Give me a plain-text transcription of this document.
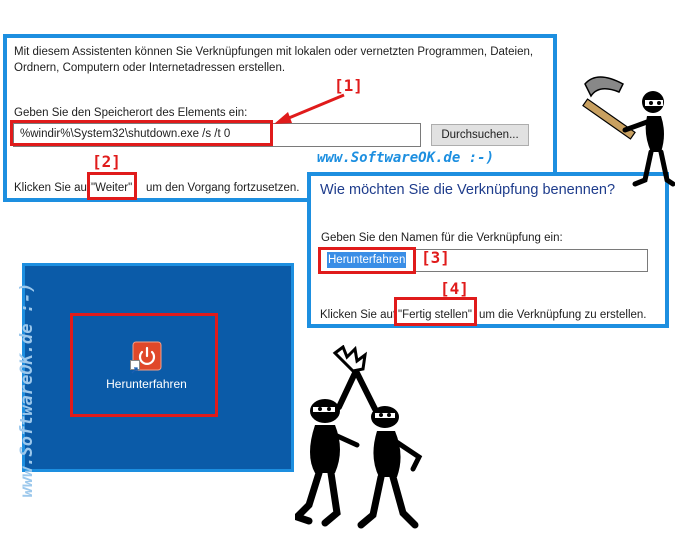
Mit diesem Assistenten können Sie Verknüpfungen mit lokalen oder vernetzten Programmen, Dateien,
Ordnern, Computern oder Internetadressen erstellen.
Geben Sie den Speicherort des Elements ein:
%windir%\System32\shutdown.exe /s /t 0	Durchsuchen...
Klicken Sie auf "Weiter" um den Vorgang fortzusetzen. Wie möchten Sie die Verknüpfung benennen?
Geben Sie den Namen für die Verknüpfung ein:
Herunterfahren
Klicken Sie auf "Fertig stellen" um die Verknüpfung zu erstellen.
Herunterfahren
[1]
[2]
[3]
[4]
www.SoftwareOK.de :-)
www.SoftwareOK.de :-)
